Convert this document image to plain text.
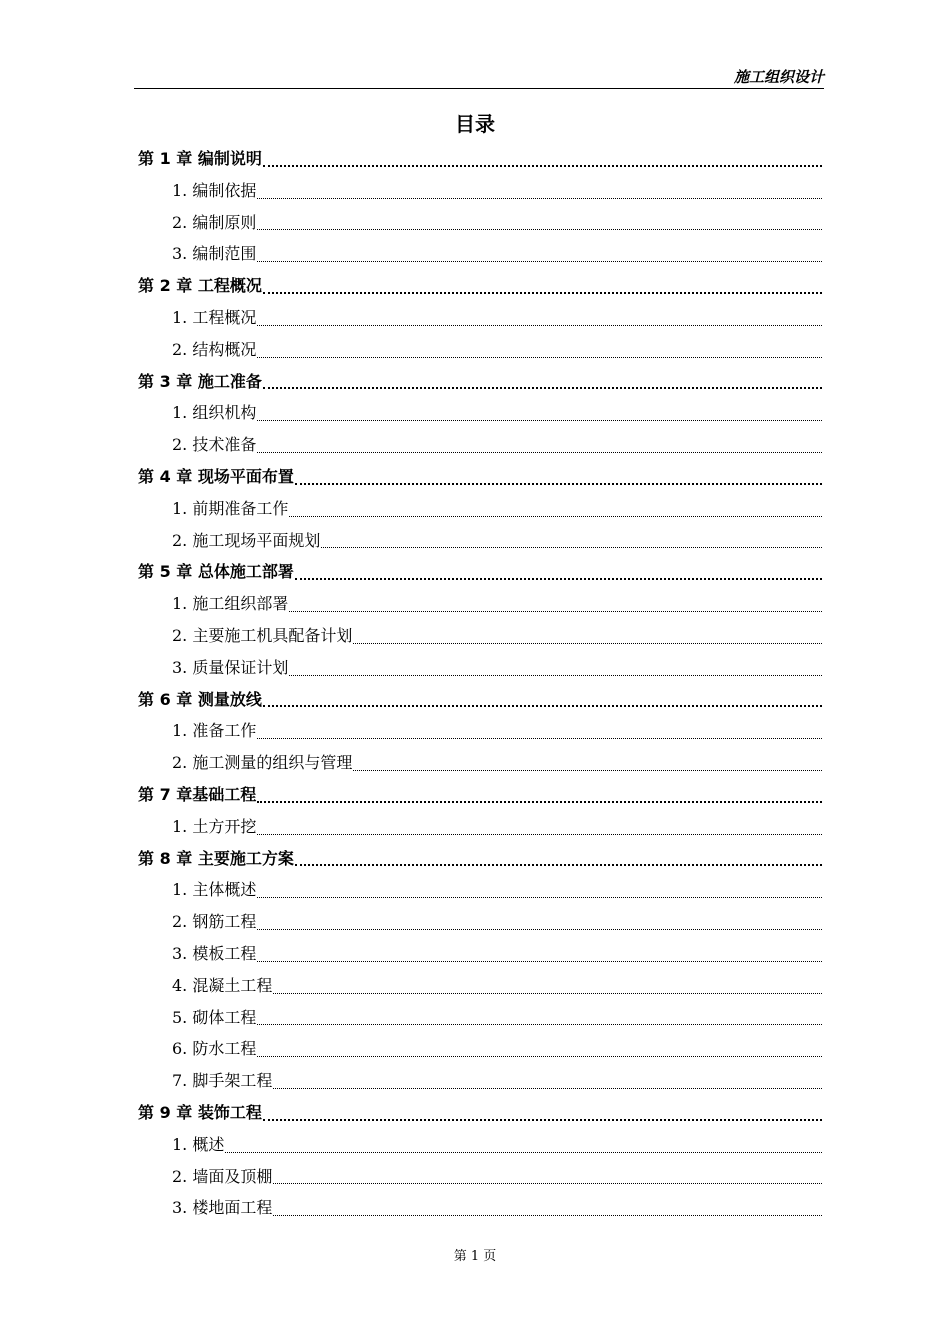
施工组织设计
目录
第 1 章 编制说明
1. 编制依据
2. 编制原则
3. 编制范围
第 2 章 工程概况
1. 工程概况
2. 结构概况
第 3 章 施工准备
1. 组织机构
2. 技术准备
第 4 章 现场平面布置
1. 前期准备工作
2. 施工现场平面规划
第 5 章 总体施工部署
1. 施工组织部署
2. 主要施工机具配备计划
3. 质量保证计划
第 6 章 测量放线
1. 准备工作
2. 施工测量的组织与管理
第 7 章基础工程
1. 土方开挖
第 8 章 主要施工方案
1. 主体概述
2. 钢筋工程
3. 模板工程
4. 混凝土工程
5. 砌体工程
6. 防水工程
7. 脚手架工程
第 9 章 装饰工程
1. 概述
2. 墙面及顶棚
3. 楼地面工程
第 1 页
